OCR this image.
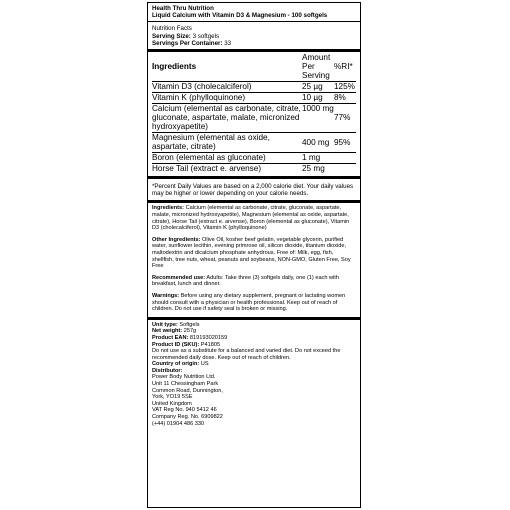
Health Thru Nutrition
Liquid Calcium with Vitamin D3 & Magnesium - 100 softgels
Nutrition Facts
Serving Size: 3 softgels
Servings Per Container: 33
Ingredients	Amount Per Serving	%RI*
Vitamin D3 (cholecalciferol)	25 µg	125%
Vitamin K (phylloquinone)	10 µg	8%
Calcium (elemental as carbonate, citrate, gluconate, aspartate, malate, micronized hydroxyapetite)	1000 mg	77%
Magnesium (elemental as oxide, aspartate, citrate)	400 mg	95%
Boron (elemental as gluconate)	1 mg	
Horse Tail (extract e. arvense)	25 mg	
*Percent Daily Values are based on a 2,000 calorie diet. Your daily values may be higher or lower depending on your calorie needs.

Ingredients: Calcium (elemental as carbonate, citrate, gluconate, aspartate, malate, micronized hydroxyapetite), Magnesium (elemental as oxide, aspartate, citrate), Horse Tail (extract e. arvense), Boron (elemental as gluconate), Vitamin D3 (cholecalciferol), Vitamin K (phylloquinone)

Other Ingredients: Olive Oil, kosher beef gelatin, vegetable glycerin, purified water, sunflower lecithin, evening primrose oil, silicon dioxide, titanium dioxide, maltodextrin and dicalcium phosphate anhydrous. Free of: Milk, egg, fish, shellfish, tree nuts, wheat, peanuts and soybeans, NON-GMO, Gluten Free, Soy Free

Recommended use: Adults: Take three (3) softgels daily, one (1) each with breakfast, lunch and dinner.

Warnings: Before using any dietary supplement, pregnant or lactating women should consult with a physician or health professional. Keep out of reach of children. Do not use if safety seal is broken or missing.

Unit type: Softgels
Net weight: 257g
Product EAN: 819193020159
Product ID (SKU): P41805
Do not use as a substitute for a balanced and varied diet. Do not exceed the recommended daily dose. Keep out of reach of children.
Country of origin: US
Distributor:
Power Body Nutrition Ltd.
Unit 11 Chessingham Park
Common Road, Dunnington,
York, YO19 5SE
United Kingdom
VAT Reg No. 940 5412 46
Company Reg. No. 6909822
(+44) 01904 486 330
